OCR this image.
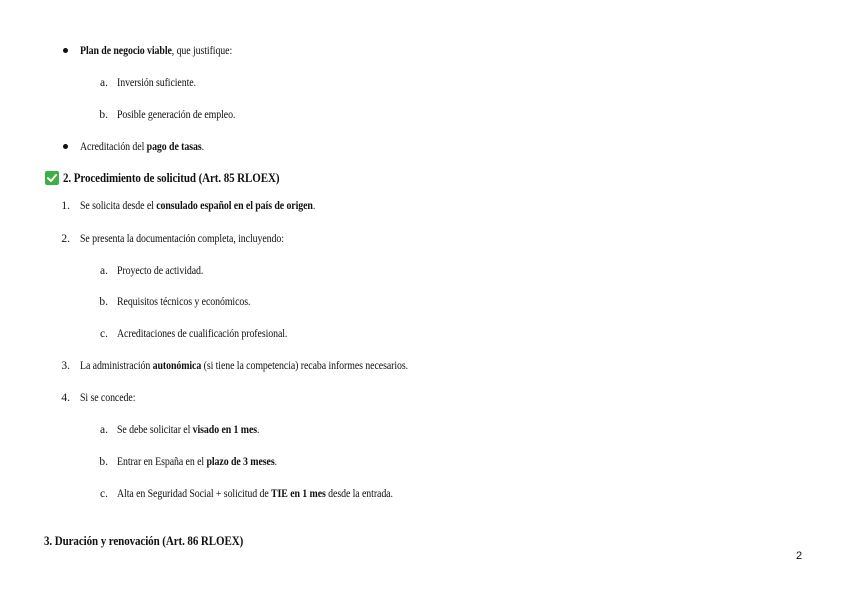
Plan de negocio viable, que justifique:
a. Inversión suficiente.
b. Posible generación de empleo.
Acreditación del pago de tasas.
2. Procedimiento de solicitud (Art. 85 RLOEX)
1. Se solicita desde el consulado español en el país de origen.
2. Se presenta la documentación completa, incluyendo:
a. Proyecto de actividad.
b. Requisitos técnicos y económicos.
c. Acreditaciones de cualificación profesional.
3. La administración autonómica (si tiene la competencia) recaba informes necesarios.
4. Si se concede:
a. Se debe solicitar el visado en 1 mes.
b. Entrar en España en el plazo de 3 meses.
c. Alta en Seguridad Social + solicitud de TIE en 1 mes desde la entrada.
3. Duración y renovación (Art. 86 RLOEX)
2
